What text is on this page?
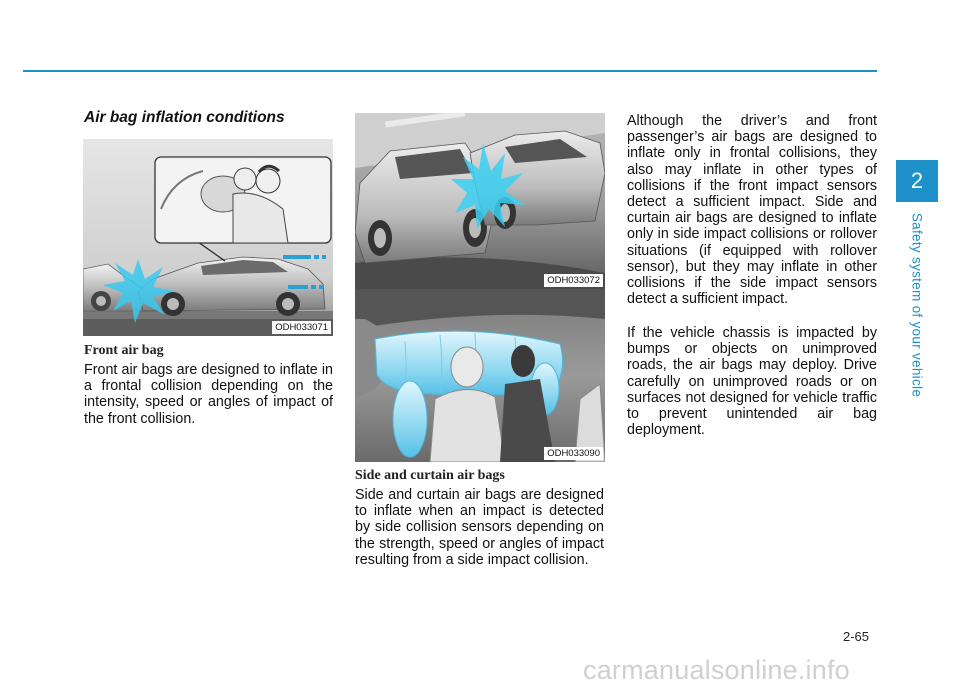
Air bag inflation conditions
ODH033071
Front air bag

Front air bags are designed to inflate in a frontal collision depending on the intensity, speed or angles of impact of the front collision.

ODH033072
ODH033090
Side and curtain air bags

Side and curtain air bags are designed to inflate when an impact is detected by side collision sensors depending on the strength, speed or angles of impact resulting from a side impact collision.

Although the driver’s and front passenger’s air bags are designed to inflate only in frontal collisions, they also may inflate in other types of collisions if the front impact sensors detect a sufficient impact. Side and curtain air bags are designed to inflate only in side impact collisions or rollover situations (if equipped with rollover sensor), but they may inflate in other collisions if the side impact sensors detect a sufficient impact.

If the vehicle chassis is impacted by bumps or objects on unimproved roads, the air bags may deploy. Drive carefully on unimproved roads or on surfaces not designed for vehicle traffic to prevent unintended air bag deployment.

2
Safety system of your vehicle
2-65
carmanualsonline.info
